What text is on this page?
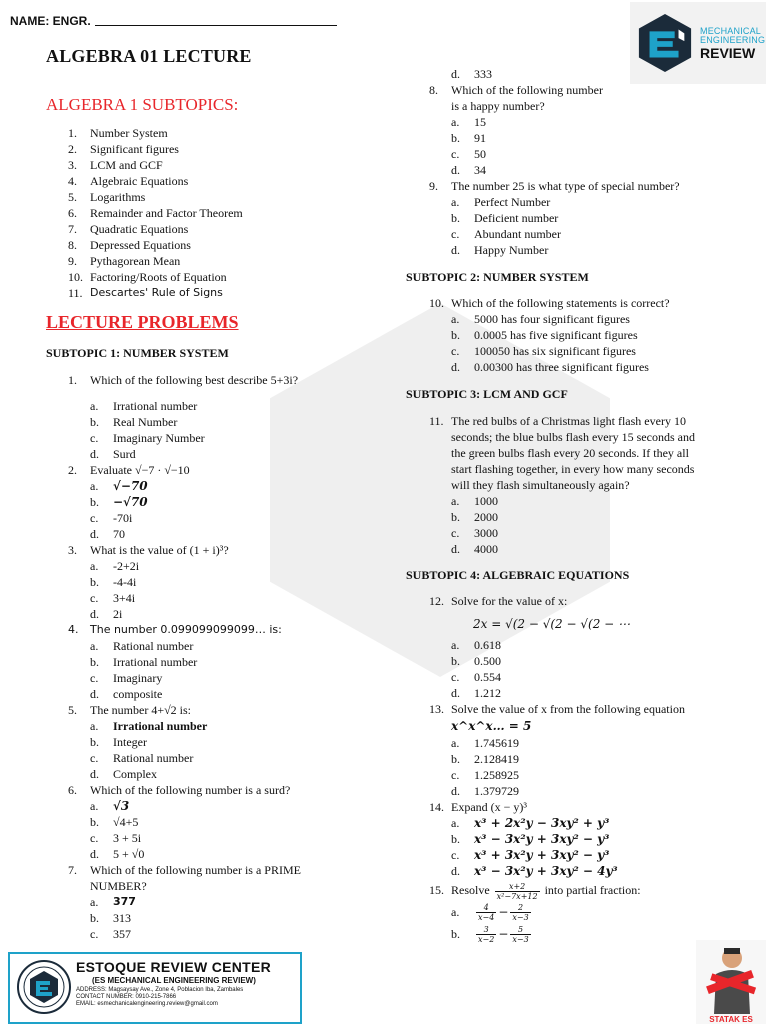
NAME: ENGR.
MECHANICAL
ENGINEERING
REVIEW
ALGEBRA 01 LECTURE
ALGEBRA 1 SUBTOPICS:
1. Number System
2. Significant figures
3. LCM and GCF
4. Algebraic Equations
5. Logarithms
6. Remainder and Factor Theorem
7. Quadratic Equations
8. Depressed Equations
9. Pythagorean Mean
10. Factoring/Roots of Equation
11. Descartes' Rule of Signs
LECTURE PROBLEMS
SUBTOPIC 1: NUMBER SYSTEM
1. Which of the following best describe 5+3i?
a. Irrational number
b. Real Number
c. Imaginary Number
d. Surd
2. Evaluate √−7 · √−10
a. √−70
b. −√70
c. -70i
d. 70
3. What is the value of (1 + i)³?
a. -2+2i
b. -4-4i
c. 3+4i
d. 2i
4. The number 0.099099099099… is:
a. Rational number
b. Irrational number
c. Imaginary
d. composite
5. The number 4+√2 is:
a. Irrational number
b. Integer
c. Rational number
d. Complex
6. Which of the following number is a surd?
a. √3
b. √4+5
c. 3 + 5i
d. 5 + √0
7. Which of the following number is a PRIME
NUMBER?
a. 377
b. 313
c. 357
d. 333
8. Which of the following number
is a happy number?
a. 15
b. 91
c. 50
d. 34
9. The number 25 is what type of special number?
a. Perfect Number
b. Deficient number
c. Abundant number
d. Happy Number
SUBTOPIC 2: NUMBER SYSTEM
10. Which of the following statements is correct?
a. 5000 has four significant figures
b. 0.0005 has five significant figures
c. 100050 has six significant figures
d. 0.00300 has three significant figures
SUBTOPIC 3: LCM AND GCF
11. The red bulbs of a Christmas light flash every 10
seconds; the blue bulbs flash every 15 seconds and
the green bulbs flash every 20 seconds. If they all
start flashing together, in every how many seconds
will they flash simultaneously again?
a. 1000
b. 2000
c. 3000
d. 4000
SUBTOPIC 4: ALGEBRAIC EQUATIONS
12. Solve for the value of x:
2x = √(2 − √(2 − √(2 − ⋯
a. 0.618
b. 0.500
c. 0.554
d. 1.212
13. Solve the value of x from the following equation
x^x^x… = 5
a. 1.745619
b. 2.128419
c. 1.258925
d. 1.379729
14. Expand (x − y)³
a. x³ + 2x²y − 3xy² + y³
b. x³ − 3x²y + 3xy² − y³
c. x³ + 3x²y + 3xy² − y³
d. x³ − 3x²y + 3xy² − 4y³
15. Resolve $\frac{x+2}{\text{x²−7x+12}}$ into partial fraction:
a. $\frac{4}{x-4} - \frac{2}{x-3}$
b. $\frac{3}{x-2} - \frac{5}{x-3}$
ESTOQUE REVIEW CENTER
(ES MECHANICAL ENGINEERING REVIEW)
ADDRESS: Magsaysay Ave., Zone 4, Poblacion Iba, Zambales
CONTACT NUMBER: 0910-215-7866
EMAIL: esmechanicalengineering.review@gmail.com
STATAK ES
